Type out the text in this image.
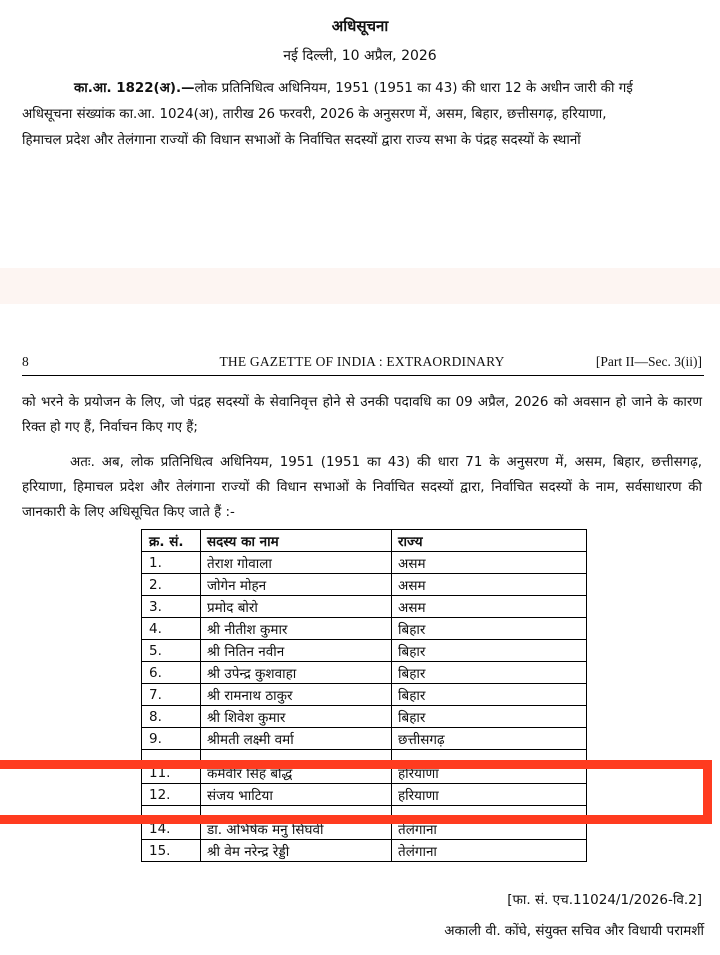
अधिसूचना
नई दिल्ली, 10 अप्रैल, 2026
का.आ. 1822(अ).—लोक प्रतिनिधित्व अधिनियम, 1951 (1951 का 43) की धारा 12 के अधीन जारी की गई
अधिसूचना संख्यांक का.आ. 1024(अ), तारीख 26 फरवरी, 2026 के अनुसरण में, असम, बिहार, छत्तीसगढ़, हरियाणा,
हिमाचल प्रदेश और तेलंगाना राज्यों की विधान सभाओं के निर्वाचित सदस्यों द्वारा राज्य सभा के पंद्रह सदस्यों के स्थानों
8	THE GAZETTE OF INDIA : EXTRAORDINARY	[Part II—Sec. 3(ii)]
को भरने के प्रयोजन के लिए, जो पंद्रह सदस्यों के सेवानिवृत्त होने से उनकी पदावधि का 09 अप्रैल, 2026 को अवसान हो जाने के कारण रिक्त हो गए हैं, निर्वाचन किए गए हैं;
अतः. अब, लोक प्रतिनिधित्व अधिनियम, 1951 (1951 का 43) की धारा 71 के अनुसरण में, असम, बिहार, छत्तीसगढ़, हरियाणा, हिमाचल प्रदेश और तेलंगाना राज्यों की विधान सभाओं के निर्वाचित सदस्यों द्वारा, निर्वाचित सदस्यों के नाम, सर्वसाधारण की जानकारी के लिए अधिसूचित किए जाते हैं :-
क्र. सं.	सदस्य का नाम	राज्य
1.	तेराश गोवाला	असम
2.	जोगेन मोहन	असम
3.	प्रमोद बोरो	असम
4.	श्री नीतीश कुमार	बिहार
5.	श्री नितिन नवीन	बिहार
6.	श्री उपेन्द्र कुशवाहा	बिहार
7.	श्री रामनाथ ठाकुर	बिहार
8.	श्री शिवेश कुमार	बिहार
9.	श्रीमती लक्ष्मी वर्मा	छत्तीसगढ़

11.	कर्मवीर सिंह बौद्ध	हरियाणा
12.	संजय भाटिया	हरियाणा

14.	डा. अभिषेक मनु सिंघवी	तेलंगाना
15.	श्री वेम नरेन्द्र रेड्डी	तेलंगाना
[फा. सं. एच.11024/1/2026-वि.2]
अकाली वी. कोंघे, संयुक्त सचिव और विधायी परामर्शी
